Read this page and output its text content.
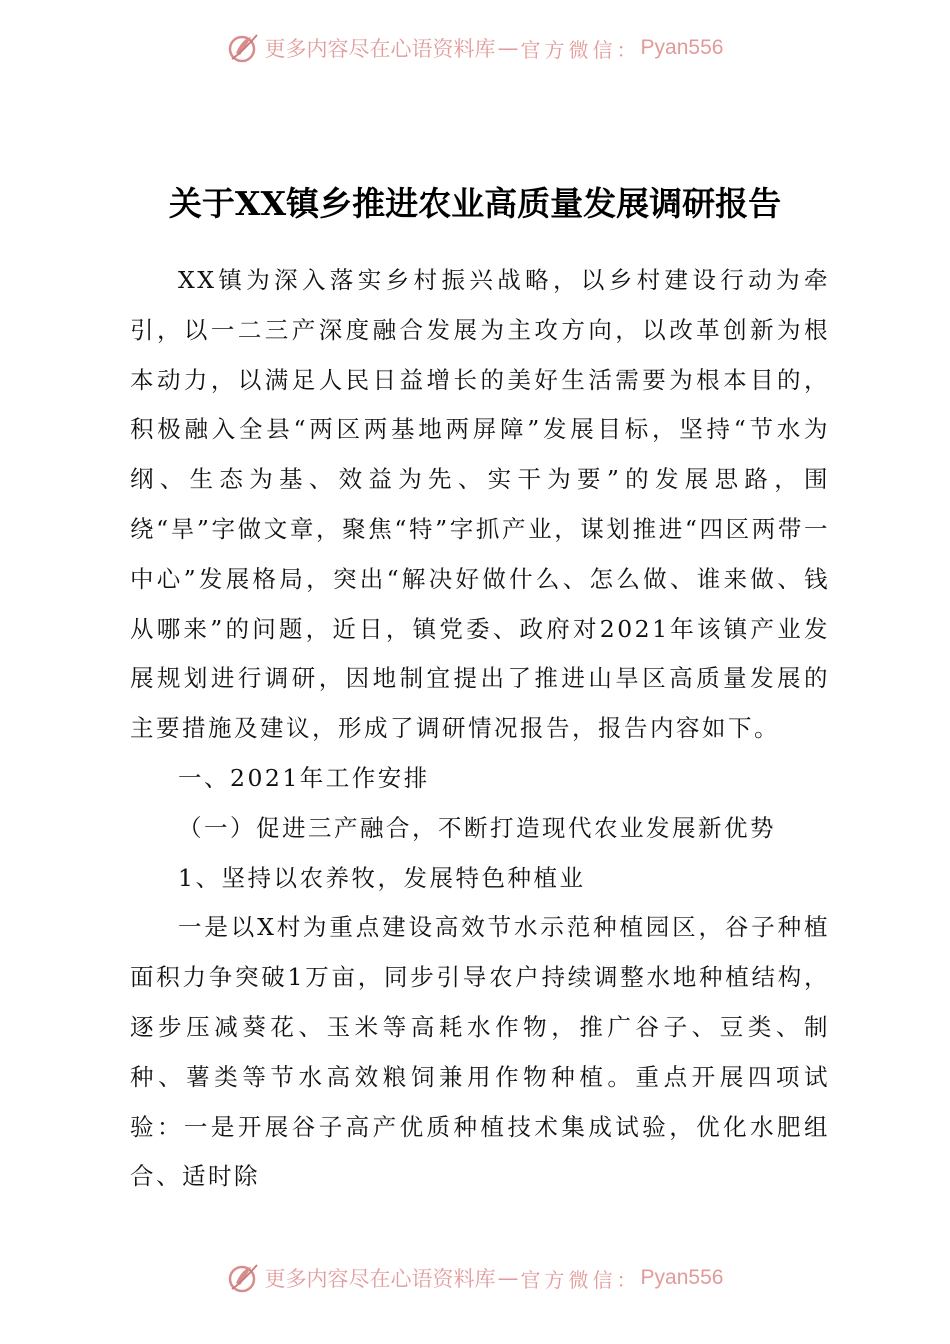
更多内容尽在心语资料库 — 官方微信： Pyan556
关于XX镇乡推进农业高质量发展调研报告

XX镇为深入落实乡村振兴战略，以乡村建设行动为牵引，以一二三产深度融合发展为主攻方向，以改革创新为根本动力，以满足人民日益增长的美好生活需要为根本目的，积极融入全县“两区两基地两屏障”发展目标，坚持“节水为纲、生态为基、效益为先、实干为要”的发展思路，围绕“旱”字做文章，聚焦“特”字抓产业，谋划推进“四区两带一中心”发展格局，突出“解决好做什么、怎么做、谁来做、钱从哪来”的问题，近日，镇党委、政府对2021年该镇产业发展规划进行调研，因地制宜提出了推进山旱区高质量发展的主要措施及建议，形成了调研情况报告，报告内容如下。

一、2021年工作安排

（一）促进三产融合，不断打造现代农业发展新优势

1、坚持以农养牧，发展特色种植业

一是以X村为重点建设高效节水示范种植园区，谷子种植面积力争突破1万亩，同步引导农户持续调整水地种植结构，逐步压减葵花、玉米等高耗水作物，推广谷子、豆类、制种、薯类等节水高效粮饲兼用作物种植。重点开展四项试验：一是开展谷子高产优质种植技术集成试验，优化水肥组合、适时除

更多内容尽在心语资料库 — 官方微信： Pyan556
